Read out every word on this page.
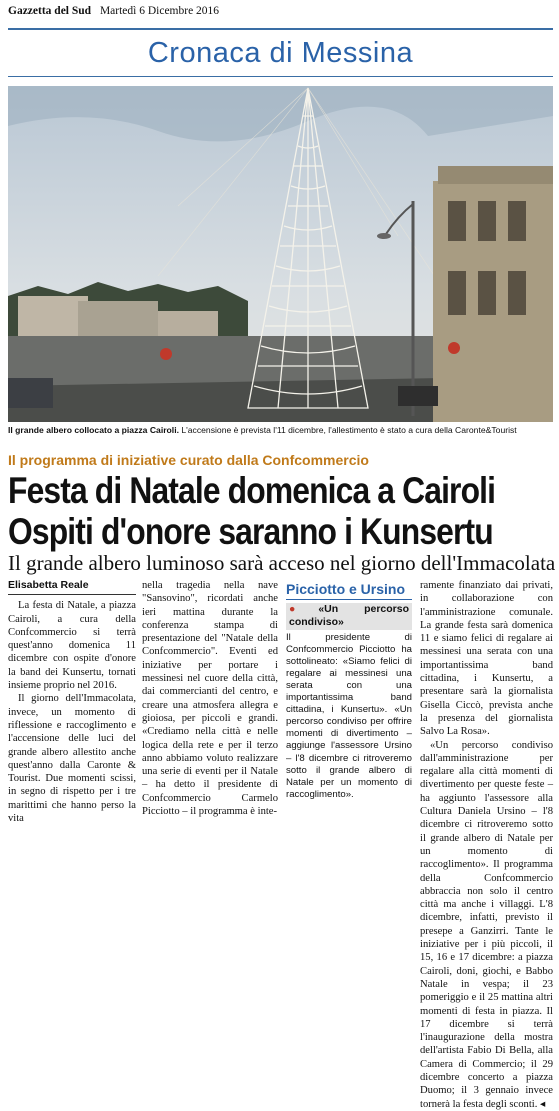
Gazzetta del Sud Martedì 6 Dicembre 2016
Cronaca di Messina
Il grande albero collocato a piazza Cairoli. L'accensione è prevista l'11 dicembre, l'allestimento è stato a cura della Caronte&Tourist
Il programma di iniziative curato dalla Confcommercio
Festa di Natale domenica a Cairoli
Ospiti d'onore saranno i Kunsertu
Il grande albero luminoso sarà acceso nel giorno dell'Immacolata
Elisabetta Reale

La festa di Natale, a piazza Cairoli, a cura della Confcommercio si terrà quest'anno domenica 11 dicembre con ospite d'onore la band dei Kunsertu, tornati insieme proprio nel 2016.

Il giorno dell'Immacolata, invece, un momento di riflessione e raccoglimento e l'accensione delle luci del grande albero allestito anche quest'anno dalla Caronte & Tourist. Due momenti scissi, in segno di rispetto per i tre marittimi che hanno perso la vita

nella tragedia nella nave "Sansovino", ricordati anche ieri mattina durante la conferenza stampa di presentazione del "Natale della Confcommercio". Eventi ed iniziative per portare i messinesi nel cuore della città, dai commercianti del centro, e creare una atmosfera allegra e gioiosa, per piccoli e grandi. «Crediamo nella città e nelle logica della rete e per il terzo anno abbiamo voluto realizzare una serie di eventi per il Natale – ha detto il presidente di Confcommercio Carmelo Picciotto – il programma è inte-

Picciotto e Ursino
●«Un percorso condiviso»
Il presidente di Confcommercio Picciotto ha sottolineato: «Siamo felici di regalare ai messinesi una serata con una importantissima band cittadina, i Kunsertu». «Un percorso condiviso per offrire momenti di divertimento – aggiunge l'assessore Ursino – l'8 dicembre ci ritroveremo sotto il grande albero di Natale per un momento di raccoglimento».

ramente finanziato dai privati, in collaborazione con l'amministrazione comunale. La grande festa sarà domenica 11 e siamo felici di regalare ai messinesi una serata con una importantissima band cittadina, i Kunsertu, a presentare sarà la giornalista Gisella Ciccò, prevista anche la presenza del giornalista Salvo La Rosa».

«Un percorso condiviso dall'amministrazione per regalare alla città momenti di divertimento per queste feste – ha aggiunto l'assessore alla Cultura Daniela Ursino – l'8 dicembre ci ritroveremo sotto il grande albero di Natale per un momento di raccoglimento». Il programma della Confcommercio abbraccia non solo il centro città ma anche i villaggi. L'8 dicembre, infatti, previsto il presepe a Ganzirri. Tante le iniziative per i più piccoli, il 15, 16 e 17 dicembre: a piazza Cairoli, doni, giochi, e Babbo Natale in vespa; il 23 pomeriggio e il 25 mattina altri momenti di festa in piazza. Il 17 dicembre si terrà l'inaugurazione della mostra dell'artista Fabio Di Bella, alla Camera di Commercio; il 29 dicembre concerto a piazza Duomo; il 3 gennaio invece tornerà la festa degli sconti. ◂
